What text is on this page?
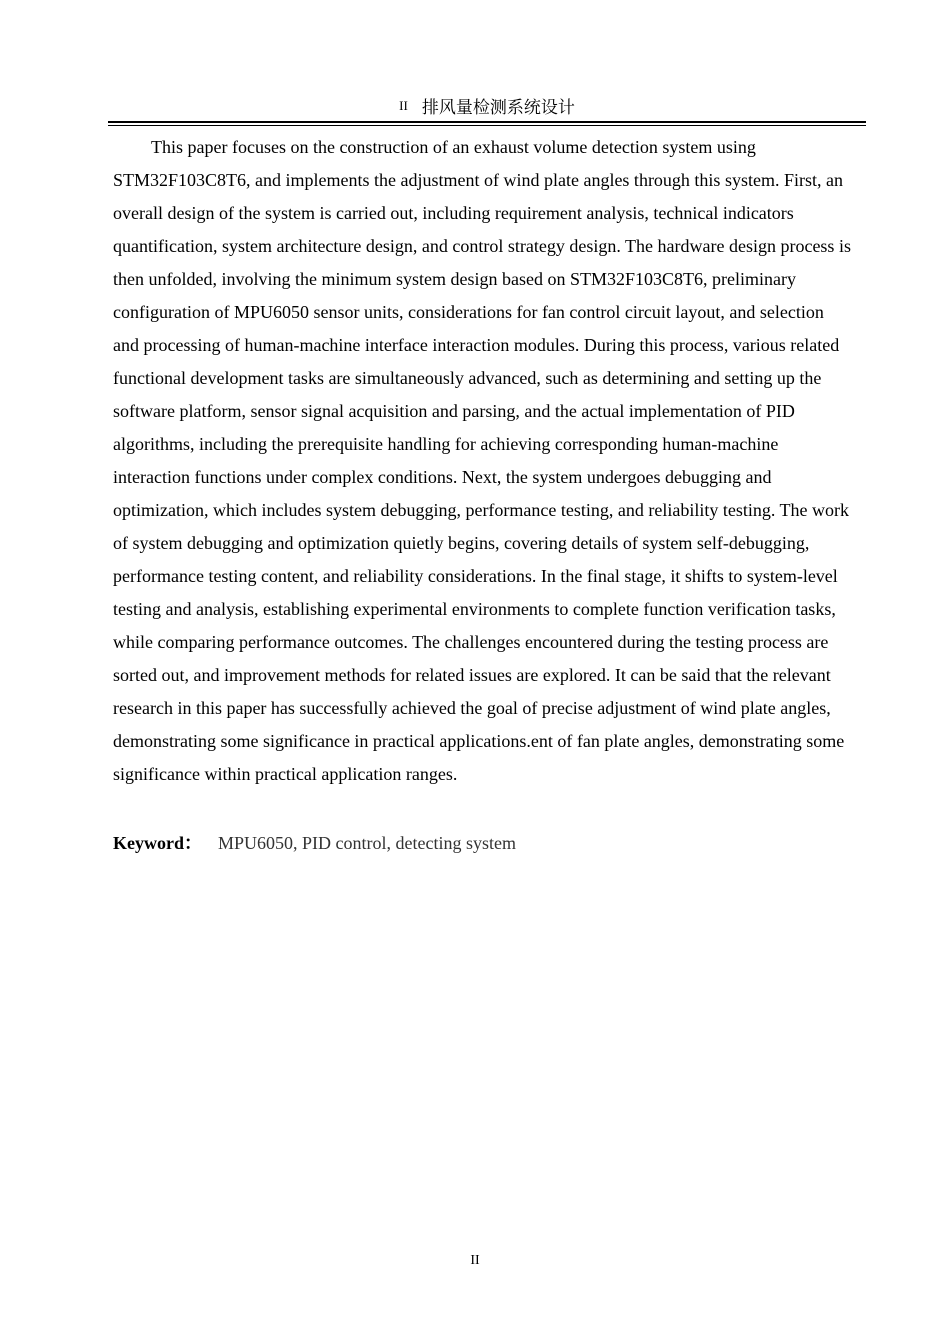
II 排风量检测系统设计

This paper focuses on the construction of an exhaust volume detection system using STM32F103C8T6, and implements the adjustment of wind plate angles through this system. First, an overall design of the system is carried out, including requirement analysis, technical indicators quantification, system architecture design, and control strategy design. The hardware design process is then unfolded, involving the minimum system design based on STM32F103C8T6, preliminary configuration of MPU6050 sensor units, considerations for fan control circuit layout, and selection and processing of human-machine interface interaction modules. During this process, various related functional development tasks are simultaneously advanced, such as determining and setting up the software platform, sensor signal acquisition and parsing, and the actual implementation of PID algorithms, including the prerequisite handling for achieving corresponding human-machine interaction functions under complex conditions. Next, the system undergoes debugging and optimization, which includes system debugging, performance testing, and reliability testing. The work of system debugging and optimization quietly begins, covering details of system self-debugging, performance testing content, and reliability considerations. In the final stage, it shifts to system-level testing and analysis, establishing experimental environments to complete function verification tasks, while comparing performance outcomes. The challenges encountered during the testing process are sorted out, and improvement methods for related issues are explored. It can be said that the relevant research in this paper has successfully achieved the goal of precise adjustment of wind plate angles, demonstrating some significance in practical applications.ent of fan plate angles, demonstrating some significance within practical application ranges.

Keyword： MPU6050, PID control, detecting system
II
